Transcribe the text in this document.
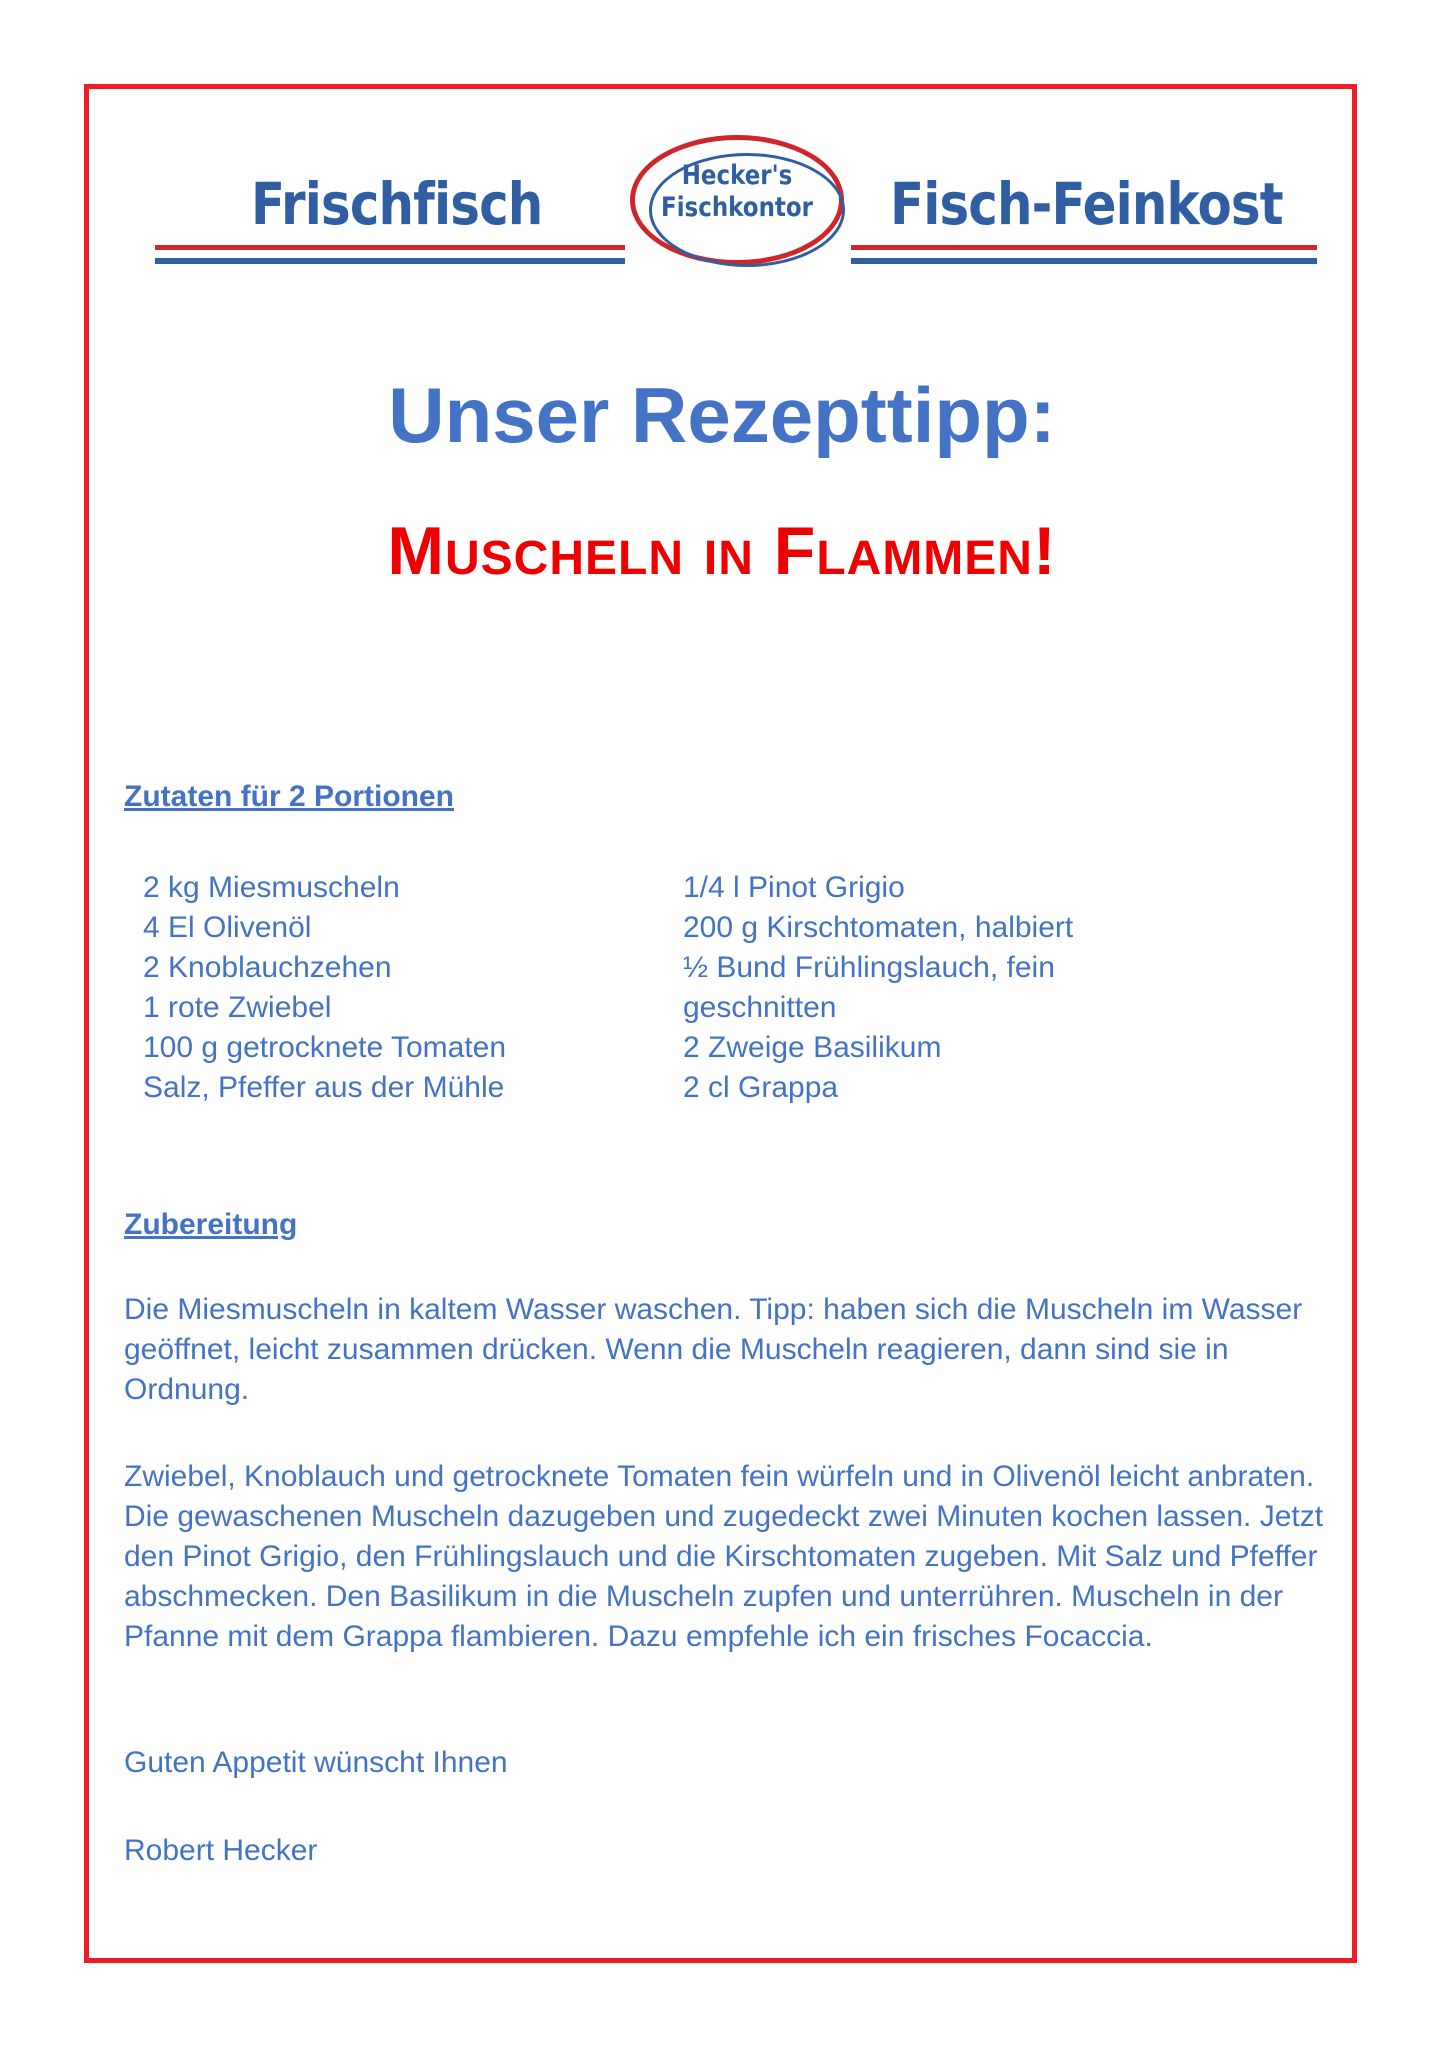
Frischfisch	Fisch-Feinkost
Hecker's
Fischkontor
Unser Rezepttipp:
Muscheln in Flammen!
Zutaten für 2 Portionen
2 kg Miesmuscheln
4 El Olivenöl
2 Knoblauchzehen
1 rote Zwiebel
100 g getrocknete Tomaten
Salz, Pfeffer aus der Mühle
1/4 l Pinot Grigio
200 g Kirschtomaten, halbiert
½ Bund Frühlingslauch, fein
geschnitten
2 Zweige Basilikum
2 cl Grappa
Zubereitung

Die Miesmuscheln in kaltem Wasser waschen. Tipp: haben sich die Muscheln im Wasser geöffnet, leicht zusammen drücken. Wenn die Muscheln reagieren, dann sind sie in Ordnung.

Zwiebel, Knoblauch und getrocknete Tomaten fein würfeln und in Olivenöl leicht anbraten. Die gewaschenen Muscheln dazugeben und zugedeckt zwei Minuten kochen lassen. Jetzt den Pinot Grigio, den Frühlingslauch und die Kirschtomaten zugeben. Mit Salz und Pfeffer abschmecken. Den Basilikum in die Muscheln zupfen und unterrühren. Muscheln in der Pfanne mit dem Grappa flambieren. Dazu empfehle ich ein frisches Focaccia.

Guten Appetit wünscht Ihnen

Robert Hecker
